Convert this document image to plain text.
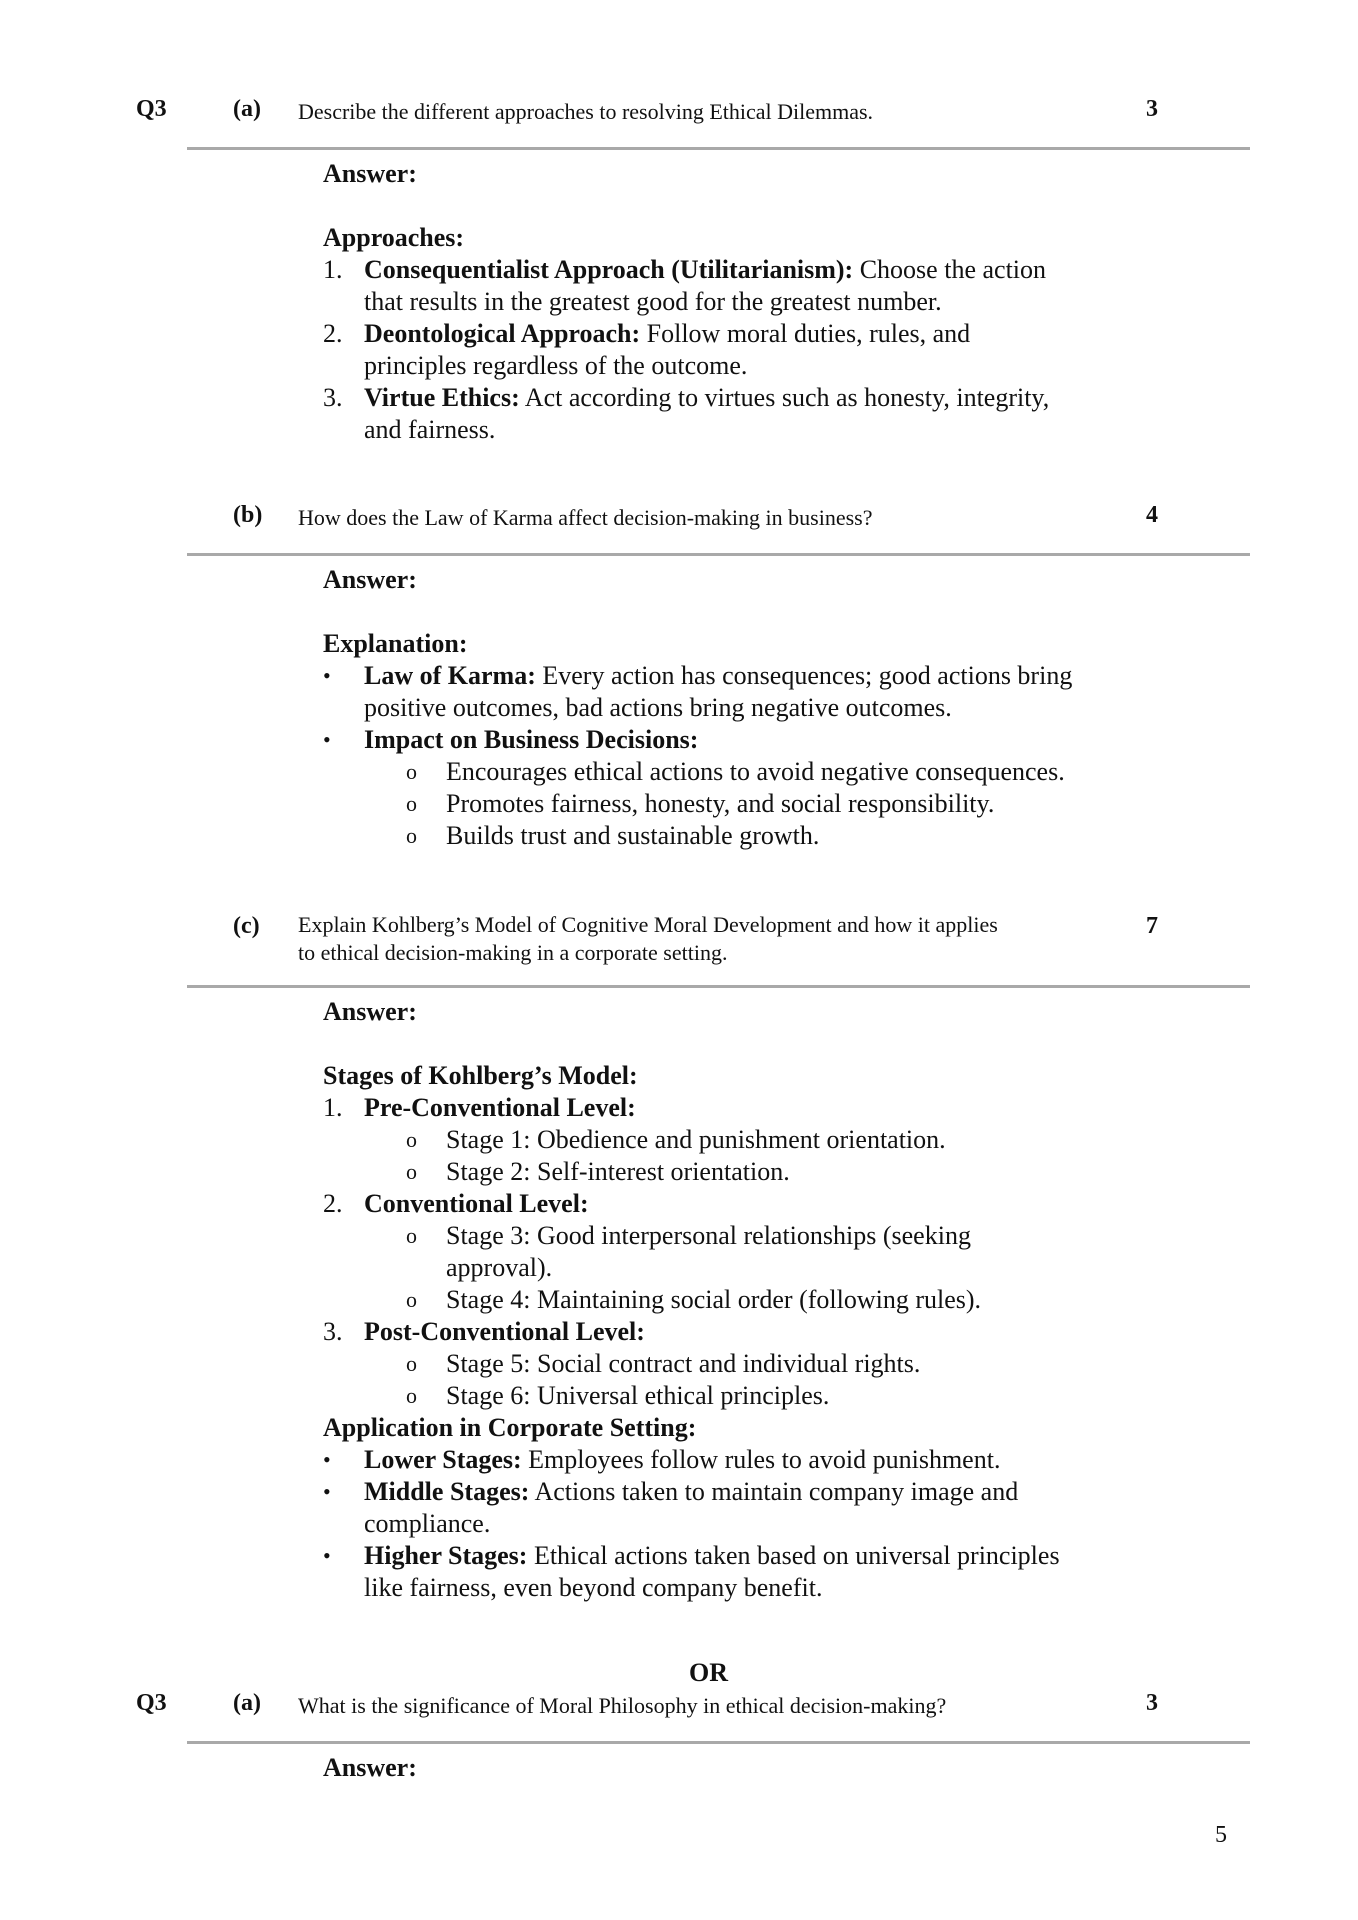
Q3	(a) Describe the different approaches to resolving Ethical Dilemmas.	3
Answer:
Approaches:
1. Consequentialist Approach (Utilitarianism): Choose the action
that results in the greatest good for the greatest number.
2. Deontological Approach: Follow moral duties, rules, and
principles regardless of the outcome.
3. Virtue Ethics: Act according to virtues such as honesty, integrity,
and fairness.
(b) How does the Law of Karma affect decision-making in business?	4
Answer:
Explanation:
• Law of Karma: Every action has consequences; good actions bring
positive outcomes, bad actions bring negative outcomes.
• Impact on Business Decisions:
o Encourages ethical actions to avoid negative consequences.
o Promotes fairness, honesty, and social responsibility.
o Builds trust and sustainable growth.
(c) Explain Kohlberg’s Model of Cognitive Moral Development and how it applies
to ethical decision-making in a corporate setting.
7
Answer:
Stages of Kohlberg’s Model:
1. Pre-Conventional Level:
o Stage 1: Obedience and punishment orientation.
o Stage 2: Self-interest orientation.
2. Conventional Level:
o Stage 3: Good interpersonal relationships (seeking
approval).
o Stage 4: Maintaining social order (following rules).
3. Post-Conventional Level:
o Stage 5: Social contract and individual rights.
o Stage 6: Universal ethical principles.
Application in Corporate Setting:
• Lower Stages: Employees follow rules to avoid punishment.
• Middle Stages: Actions taken to maintain company image and
compliance.
• Higher Stages: Ethical actions taken based on universal principles
like fairness, even beyond company benefit.
OR
Q3	(a) What is the significance of Moral Philosophy in ethical decision-making?	3
Answer:
5
